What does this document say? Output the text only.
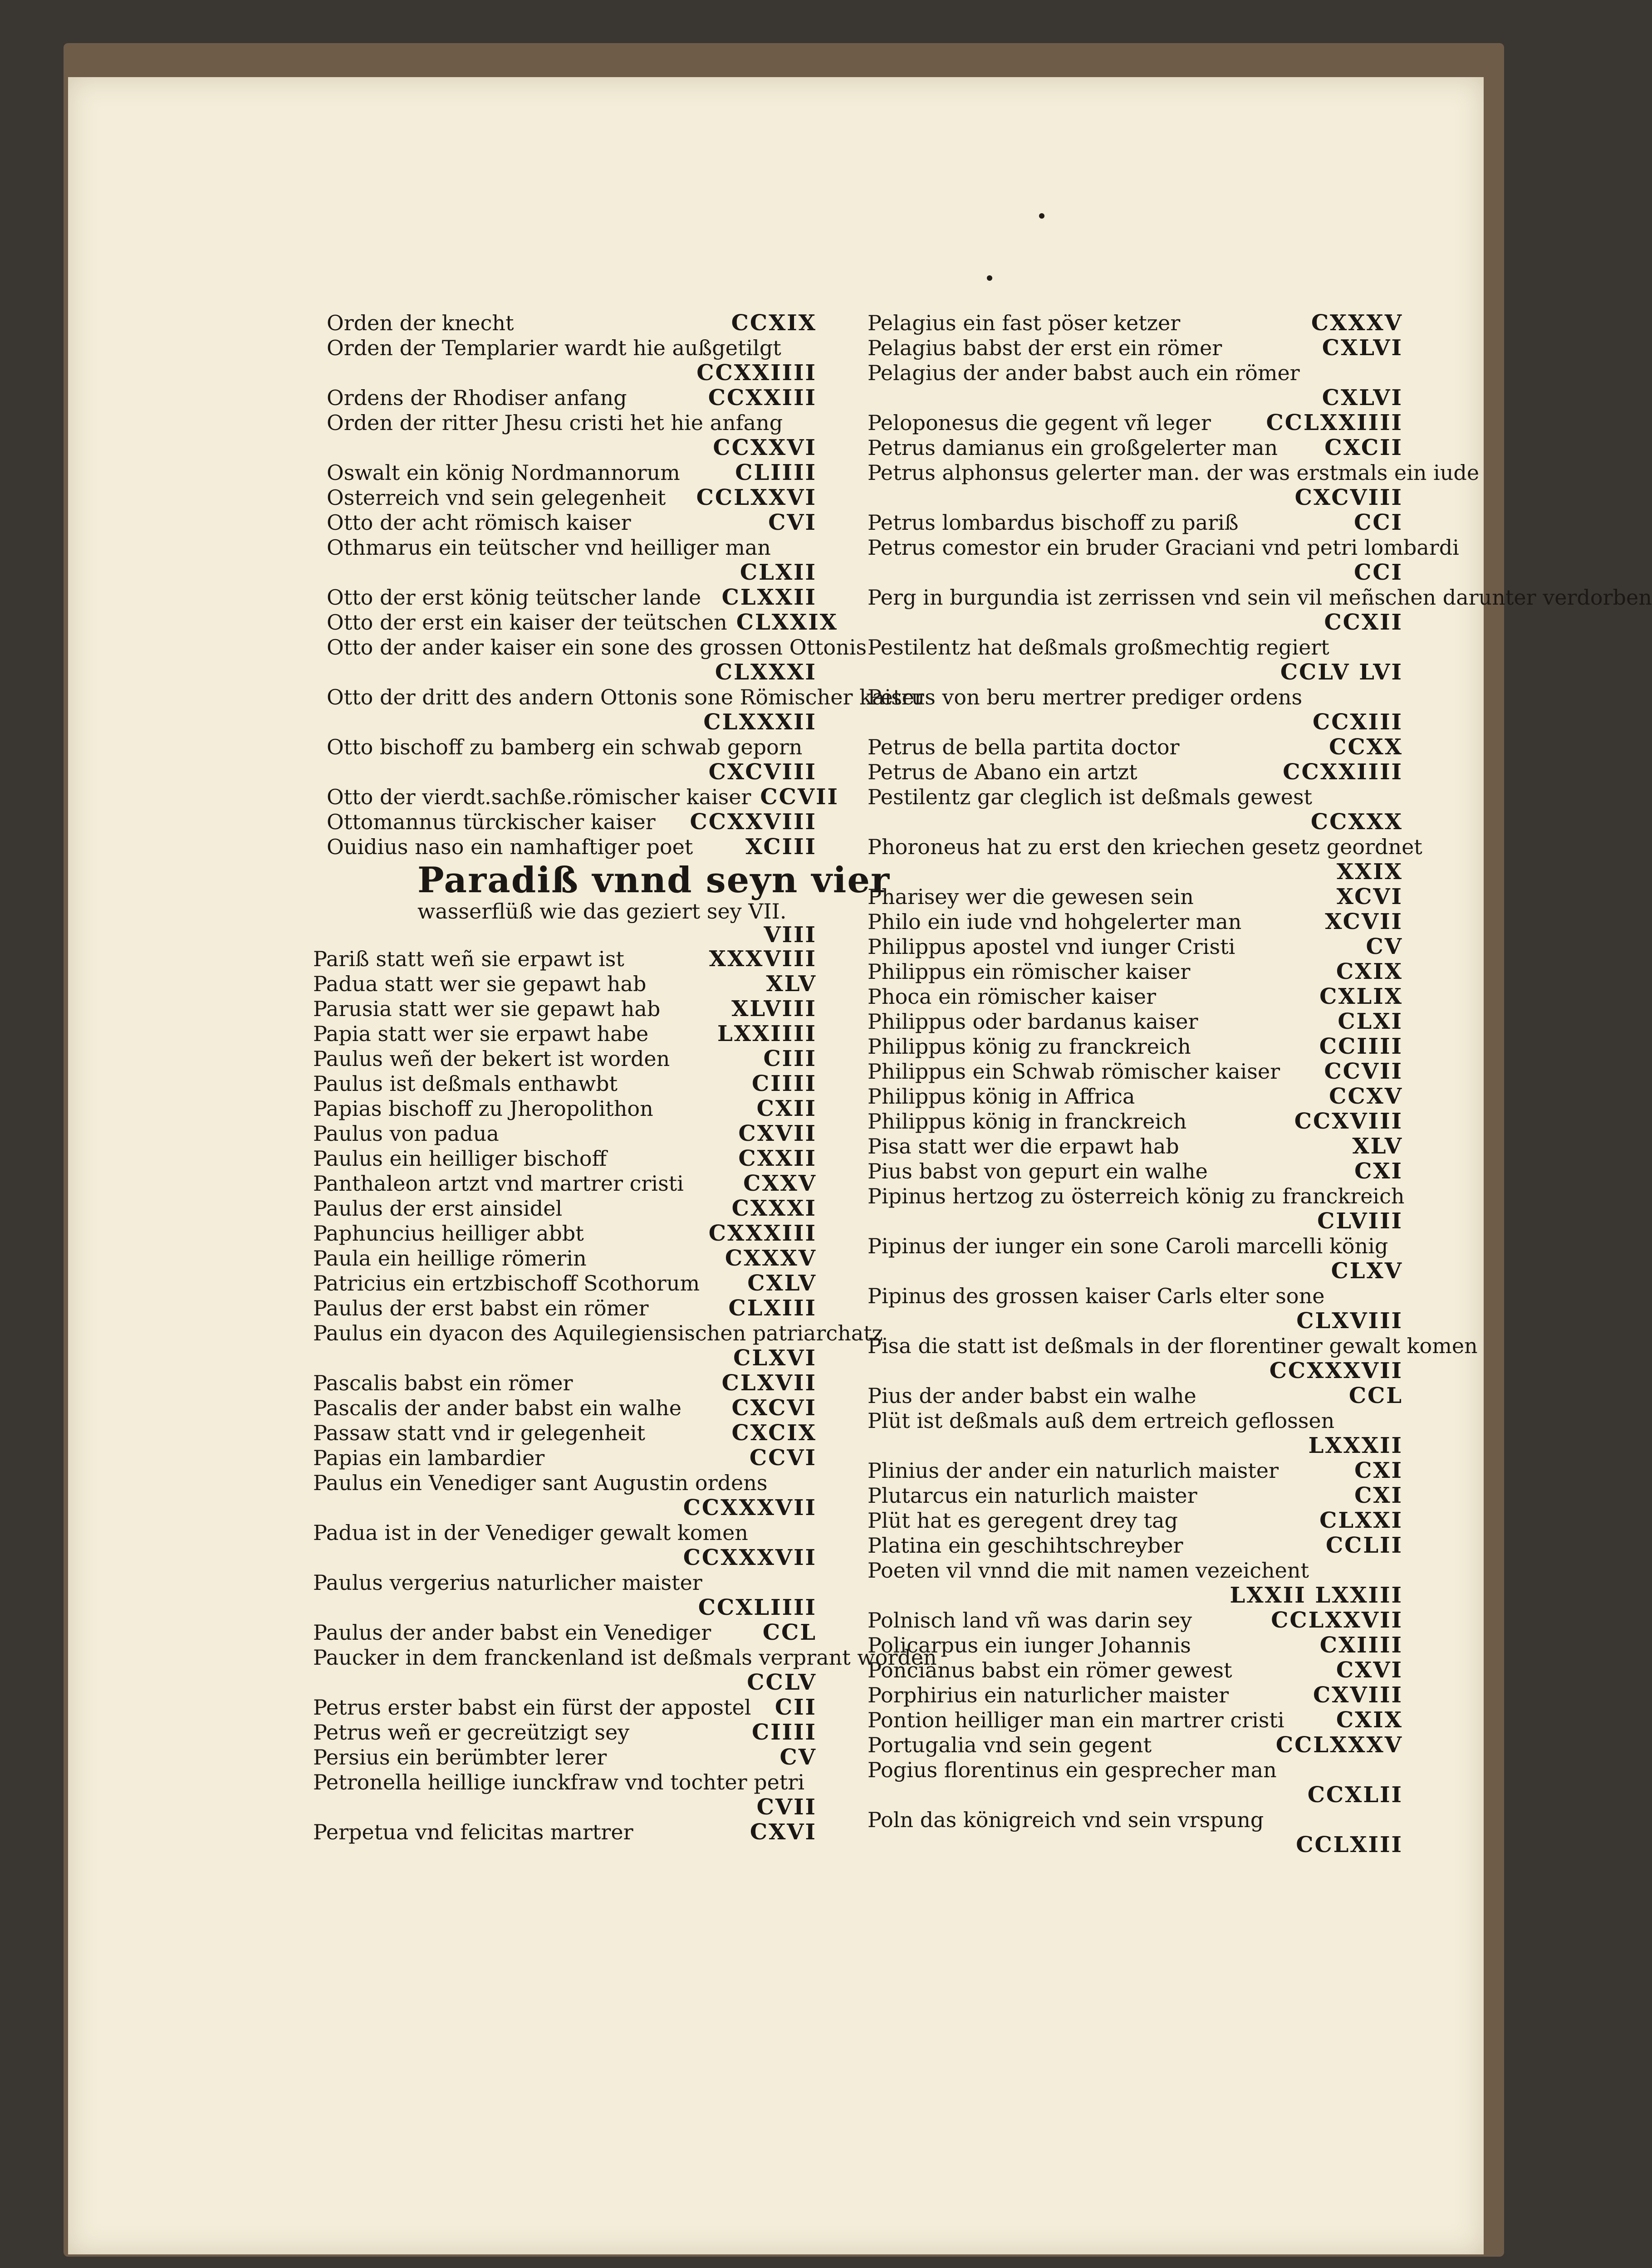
Orden der knecht	CCXIX
Orden der Templarier wardt hie außgetilgt
CCXXIIII
Ordens der Rhodiser anfang	CCXXIII
Orden der ritter Jhesu cristi het hie anfang
CCXXVI
Oswalt ein könig Nordmannorum	CLIIII
Osterreich vnd sein gelegenheit	CCLXXVI
Otto der acht römisch kaiser	CVI
Othmarus ein teütscher vnd heilliger man
CLXII
Otto der erst könig teütscher lande CLXXII
Otto der erst ein kaiser der teütschen CLXXIX
Otto der ander kaiser ein sone des grossen Ottonis
CLXXXI
Otto der dritt des andern Ottonis sone Römischer kaiser
CLXXXII
Otto bischoff zu bamberg ein schwab geporn
CXCVIII
Otto der vierdt.sachße.römischer kaiser CCVII
Ottomannus türckischer kaiser	CCXXVIII
Ouidius naso ein namhaftiger poet	XCIII
Paradiß vnnd seyn vier
wasserflüß wie das geziert sey VII.
VIII
Pariß statt weñ sie erpawt ist	XXXVIII
Padua statt wer sie gepawt hab	XLV
Parusia statt wer sie gepawt hab	XLVIII
Papia statt wer sie erpawt habe	LXXIIII
Paulus weñ der bekert ist worden	CIII
Paulus ist deßmals enthawbt	CIIII
Papias bischoff zu Jheropolithon	CXII
Paulus von padua	CXVII
Paulus ein heilliger bischoff	CXXII
Panthaleon artzt vnd martrer cristi	CXXV
Paulus der erst ainsidel	CXXXI
Paphuncius heilliger abbt	CXXXIII
Paula ein heillige römerin	CXXXV
Patricius ein ertzbischoff Scothorum	CXLV
Paulus der erst babst ein römer	CLXIII
Paulus ein dyacon des Aquilegiensischen patriarchatz
CLXVI
Pascalis babst ein römer	CLXVII
Pascalis der ander babst ein walhe	CXCVI
Passaw statt vnd ir gelegenheit	CXCIX
Papias ein lambardier	CCVI
Paulus ein Venediger sant Augustin ordens
CCXXXVII
Padua ist in der Venediger gewalt komen
CCXXXVII
Paulus vergerius naturlicher maister
CCXLIIII
Paulus der ander babst ein Venediger	CCL
Paucker in dem franckenland ist deßmals verprant worden
CCLV
Petrus erster babst ein fürst der appostel	CII
Petrus weñ er gecreützigt sey	CIIII
Persius ein berümbter lerer	CV
Petronella heillige iunckfraw vnd tochter petri
CVII
Perpetua vnd felicitas martrer	CXVI
Pelagius ein fast pöser ketzer	CXXXV
Pelagius babst der erst ein römer	CXLVI
Pelagius der ander babst auch ein römer
CXLVI
Peloponesus die gegent vñ leger	CCLXXIIII
Petrus damianus ein großgelerter man	CXCII
Petrus alphonsus gelerter man. der was erstmals ein iude
CXCVIII
Petrus lombardus bischoff zu pariß	CCI
Petrus comestor ein bruder Graciani vnd petri lombardi
CCI
Perg in burgundia ist zerrissen vnd sein vil meñschen darunter verdorben
CCXII
Pestilentz hat deßmals großmechtig regiert
CCLV LVI
Petrus von beru mertrer prediger ordens
CCXIII
Petrus de bella partita doctor	CCXX
Petrus de Abano ein artzt	CCXXIIII
Pestilentz gar cleglich ist deßmals gewest
CCXXX
Phoroneus hat zu erst den kriechen gesetz geordnet
XXIX
Pharisey wer die gewesen sein	XCVI
Philo ein iude vnd hohgelerter man	XCVII
Philippus apostel vnd iunger Cristi	CV
Philippus ein römischer kaiser	CXIX
Phoca ein römischer kaiser	CXLIX
Philippus oder bardanus kaiser	CLXI
Philippus könig zu franckreich	CCIIII
Philippus ein Schwab römischer kaiser	CCVII
Philippus könig in Affrica	CCXV
Philippus könig in franckreich	CCXVIII
Pisa statt wer die erpawt hab	XLV
Pius babst von gepurt ein walhe	CXI
Pipinus hertzog zu österreich könig zu franckreich
CLVIII
Pipinus der iunger ein sone Caroli marcelli könig
CLXV
Pipinus des grossen kaiser Carls elter sone
CLXVIII
Pisa die statt ist deßmals in der florentiner gewalt komen
CCXXXVII
Pius der ander babst ein walhe	CCL
Plüt ist deßmals auß dem ertreich geflossen
LXXXII
Plinius der ander ein naturlich maister	CXI
Plutarcus ein naturlich maister	CXI
Plüt hat es geregent drey tag	CLXXI
Platina ein geschihtschreyber	CCLII
Poeten vil vnnd die mit namen vezeichent
LXXII LXXIII
Polnisch land vñ was darin sey	CCLXXVII
Policarpus ein iunger Johannis	CXIIII
Poncianus babst ein römer gewest	CXVI
Porphirius ein naturlicher maister	CXVIII
Pontion heilliger man ein martrer cristi	CXIX
Portugalia vnd sein gegent	CCLXXXV
Pogius florentinus ein gesprecher man
CCXLII
Poln das königreich vnd sein vrspung
CCLXIII
